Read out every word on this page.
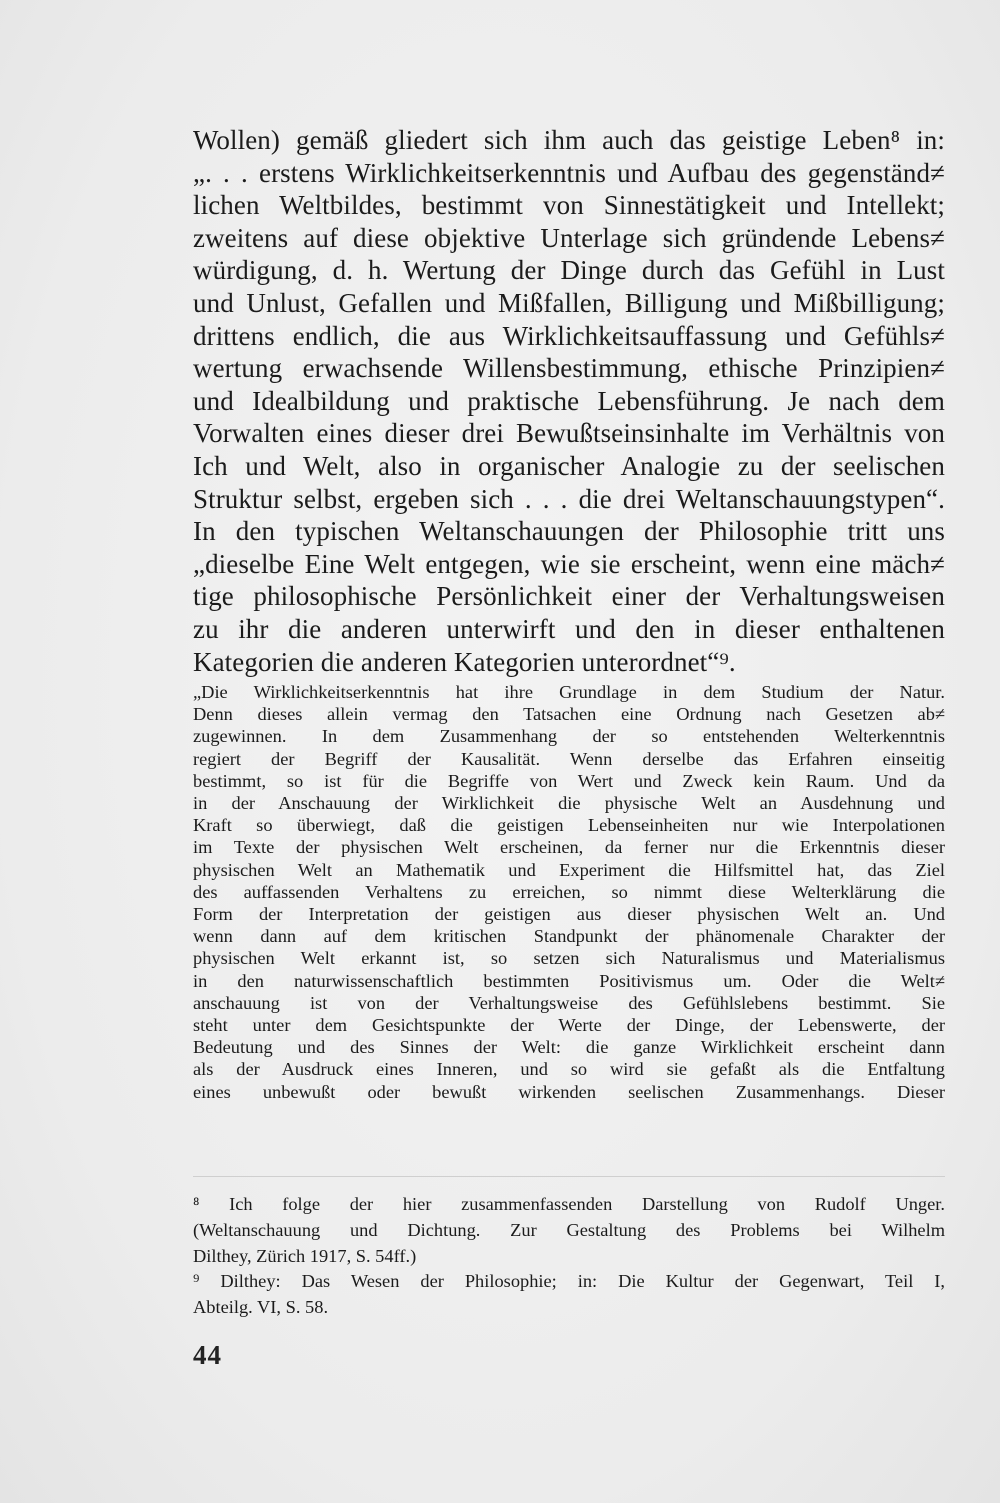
Wollen) gemäß gliedert sich ihm auch das geistige Leben⁸ in:
„. . . erstens Wirklichkeitserkenntnis und Aufbau des gegenständ≠
lichen Weltbildes, bestimmt von Sinnestätigkeit und Intellekt;
zweitens auf diese objektive Unterlage sich gründende Lebens≠
würdigung, d. h. Wertung der Dinge durch das Gefühl in Lust
und Unlust, Gefallen und Mißfallen, Billigung und Mißbilligung;
drittens endlich, die aus Wirklichkeitsauffassung und Gefühls≠
wertung erwachsende Willensbestimmung, ethische Prinzipien≠
und Idealbildung und praktische Lebensführung. Je nach dem
Vorwalten eines dieser drei Bewußtseinsinhalte im Verhältnis von
Ich und Welt, also in organischer Analogie zu der seelischen
Struktur selbst, ergeben sich . . . die drei Weltanschauungstypen“.
In den typischen Weltanschauungen der Philosophie tritt uns
„dieselbe Eine Welt entgegen, wie sie erscheint, wenn eine mäch≠
tige philosophische Persönlichkeit einer der Verhaltungsweisen
zu ihr die anderen unterwirft und den in dieser enthaltenen
Kategorien die anderen Kategorien unterordnet“⁹.
„Die Wirklichkeitserkenntnis hat ihre Grundlage in dem Studium der Natur.
Denn dieses allein vermag den Tatsachen eine Ordnung nach Gesetzen ab≠
zugewinnen. In dem Zusammenhang der so entstehenden Welterkenntnis
regiert der Begriff der Kausalität. Wenn derselbe das Erfahren einseitig
bestimmt, so ist für die Begriffe von Wert und Zweck kein Raum. Und da
in der Anschauung der Wirklichkeit die physische Welt an Ausdehnung und
Kraft so überwiegt, daß die geistigen Lebenseinheiten nur wie Interpolationen
im Texte der physischen Welt erscheinen, da ferner nur die Erkenntnis dieser
physischen Welt an Mathematik und Experiment die Hilfsmittel hat, das Ziel
des auffassenden Verhaltens zu erreichen, so nimmt diese Welterklärung die
Form der Interpretation der geistigen aus dieser physischen Welt an. Und
wenn dann auf dem kritischen Standpunkt der phänomenale Charakter der
physischen Welt erkannt ist, so setzen sich Naturalismus und Materialismus
in den naturwissenschaftlich bestimmten Positivismus um. Oder die Welt≠
anschauung ist von der Verhaltungsweise des Gefühlslebens bestimmt. Sie
steht unter dem Gesichtspunkte der Werte der Dinge, der Lebenswerte, der
Bedeutung und des Sinnes der Welt: die ganze Wirklichkeit erscheint dann
als der Ausdruck eines Inneren, und so wird sie gefaßt als die Entfaltung
eines unbewußt oder bewußt wirkenden seelischen Zusammenhangs. Dieser
⁸ Ich folge der hier zusammenfassenden Darstellung von Rudolf Unger.
(Weltanschauung und Dichtung. Zur Gestaltung des Problems bei Wilhelm
Dilthey, Zürich 1917, S. 54ff.)
⁹ Dilthey: Das Wesen der Philosophie; in: Die Kultur der Gegenwart, Teil I,
Abteilg. VI, S. 58.
44
